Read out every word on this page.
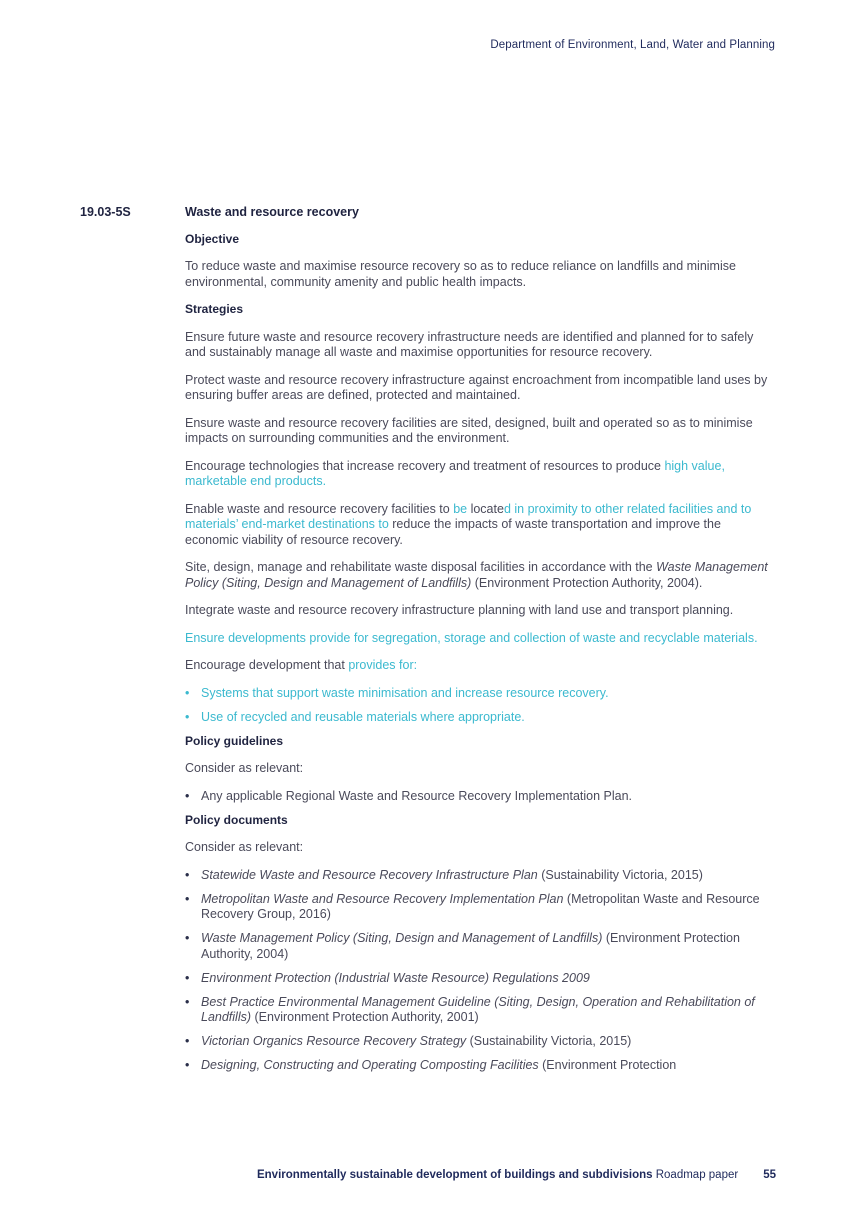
Department of Environment, Land, Water and Planning
19.03-5S	Waste and resource recovery

Objective

To reduce waste and maximise resource recovery so as to reduce reliance on landfills and minimise environmental, community amenity and public health impacts.

Strategies

Ensure future waste and resource recovery infrastructure needs are identified and planned for to safely and sustainably manage all waste and maximise opportunities for resource recovery.

Protect waste and resource recovery infrastructure against encroachment from incompatible land uses by ensuring buffer areas are defined, protected and maintained.

Ensure waste and resource recovery facilities are sited, designed, built and operated so as to minimise impacts on surrounding communities and the environment.

Encourage technologies that increase recovery and treatment of resources to produce high value, marketable end products.

Enable waste and resource recovery facilities to be located in proximity to other related facilities and to materials’ end-market destinations to reduce the impacts of waste transportation and improve the economic viability of resource recovery.

Site, design, manage and rehabilitate waste disposal facilities in accordance with the Waste Management Policy (Siting, Design and Management of Landfills) (Environment Protection Authority, 2004).

Integrate waste and resource recovery infrastructure planning with land use and transport planning.

Ensure developments provide for segregation, storage and collection of waste and recyclable materials.

Encourage development that provides for:

• Systems that support waste minimisation and increase resource recovery.
• Use of recycled and reusable materials where appropriate.

Policy guidelines

Consider as relevant:

• Any applicable Regional Waste and Resource Recovery Implementation Plan.

Policy documents

Consider as relevant:

• Statewide Waste and Resource Recovery Infrastructure Plan (Sustainability Victoria, 2015)
• Metropolitan Waste and Resource Recovery Implementation Plan (Metropolitan Waste and Resource Recovery Group, 2016)
• Waste Management Policy (Siting, Design and Management of Landfills) (Environment Protection Authority, 2004)
• Environment Protection (Industrial Waste Resource) Regulations 2009
• Best Practice Environmental Management Guideline (Siting, Design, Operation and Rehabilitation of Landfills) (Environment Protection Authority, 2001)
• Victorian Organics Resource Recovery Strategy (Sustainability Victoria, 2015)
• Designing, Constructing and Operating Composting Facilities (Environment Protection
Environmentally sustainable development of buildings and subdivisions Roadmap paper 55
